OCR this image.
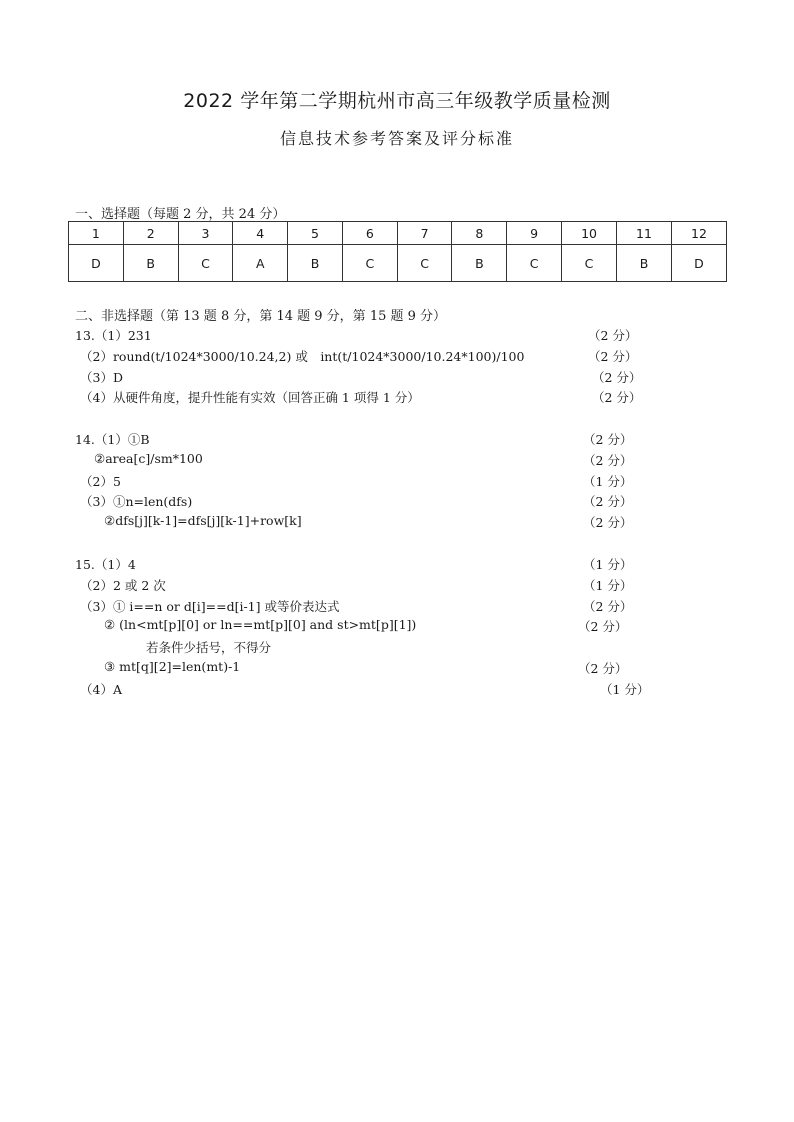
2022 学年第二学期杭州市高三年级教学质量检测
信息技术参考答案及评分标准
一、选择题（每题 2 分，共 24 分）
1	2	3	4	5	6	7	8	9	10	11	12
D	B	C	A	B	C	C	B	C	C	B	D
二、非选择题（第 13 题 8 分，第 14 题 9 分，第 15 题 9 分）
13.（1）231	（2 分）
（2）round(t/1024*3000/10.24,2) 或　int(t/1024*3000/10.24*100)/100	（2 分）
（3）D	（2 分）
（4）从硬件角度，提升性能有实效（回答正确 1 项得 1 分）	（2 分）
14.（1）①B	（2 分）
②area[c]/sm*100	（2 分）
（2）5	（1 分）
（3）①n=len(dfs)	（2 分）
②dfs[j][k-1]=dfs[j][k-1]+row[k]	（2 分）
15.（1）4	（1 分）
（2）2 或 2 次	（1 分）
（3）① i==n or d[i]==d[i-1] 或等价表达式	（2 分）
② (ln<mt[p][0] or ln==mt[p][0] and st>mt[p][1])	（2 分）
若条件少括号，不得分
③ mt[q][2]=len(mt)-1	（2 分）
（4）A	（1 分）
